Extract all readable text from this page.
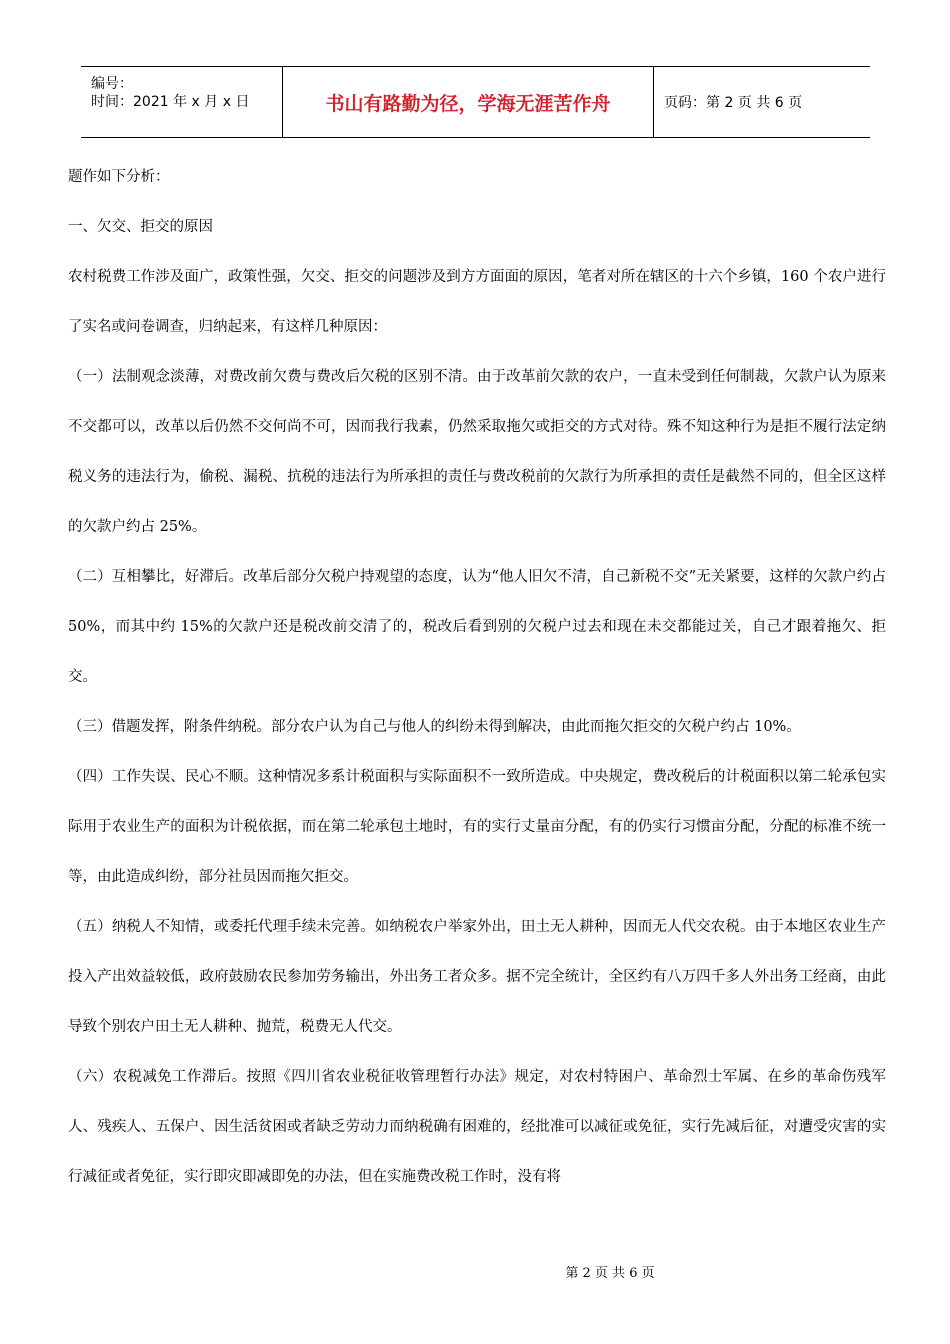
编号：
时间：2021 年 x 月 x 日	书山有路勤为径，学海无涯苦作舟	页码：第 2 页 共 6 页

题作如下分析：

一、欠交、拒交的原因

农村税费工作涉及面广，政策性强，欠交、拒交的问题涉及到方方面面的原因，笔者对所在辖区的十六个乡镇，160 个农户进行了实名或问卷调查，归纳起来，有这样几种原因：

（一）法制观念淡薄，对费改前欠费与费改后欠税的区别不清。由于改革前欠款的农户，一直未受到任何制裁，欠款户认为原来不交都可以，改革以后仍然不交何尚不可，因而我行我素，仍然采取拖欠或拒交的方式对待。殊不知这种行为是拒不履行法定纳税义务的违法行为，偷税、漏税、抗税的违法行为所承担的责任与费改税前的欠款行为所承担的责任是截然不同的，但全区这样的欠款户约占 25%。

（二）互相攀比，好滞后。改革后部分欠税户持观望的态度，认为“他人旧欠不清，自己新税不交”无关紧要，这样的欠款户约占 50%，而其中约 15%的欠款户还是税改前交清了的，税改后看到别的欠税户过去和现在未交都能过关，自己才跟着拖欠、拒交。

（三）借题发挥，附条件纳税。部分农户认为自己与他人的纠纷未得到解决，由此而拖欠拒交的欠税户约占 10%。

（四）工作失误、民心不顺。这种情况多系计税面积与实际面积不一致所造成。中央规定，费改税后的计税面积以第二轮承包实际用于农业生产的面积为计税依据，而在第二轮承包土地时，有的实行丈量亩分配，有的仍实行习惯亩分配，分配的标准不统一等，由此造成纠纷，部分社员因而拖欠拒交。

（五）纳税人不知情，或委托代理手续未完善。如纳税农户举家外出，田土无人耕种，因而无人代交农税。由于本地区农业生产投入产出效益较低，政府鼓励农民参加劳务输出，外出务工者众多。据不完全统计，全区约有八万四千多人外出务工经商，由此导致个别农户田土无人耕种、抛荒，税费无人代交。

（六）农税减免工作滞后。按照《四川省农业税征收管理暂行办法》规定，对农村特困户、革命烈士军属、在乡的革命伤残军人、残疾人、五保户、因生活贫困或者缺乏劳动力而纳税确有困难的，经批准可以减征或免征，实行先减后征，对遭受灾害的实行减征或者免征，实行即灾即减即免的办法，但在实施费改税工作时，没有将

第 2 页 共 6 页
